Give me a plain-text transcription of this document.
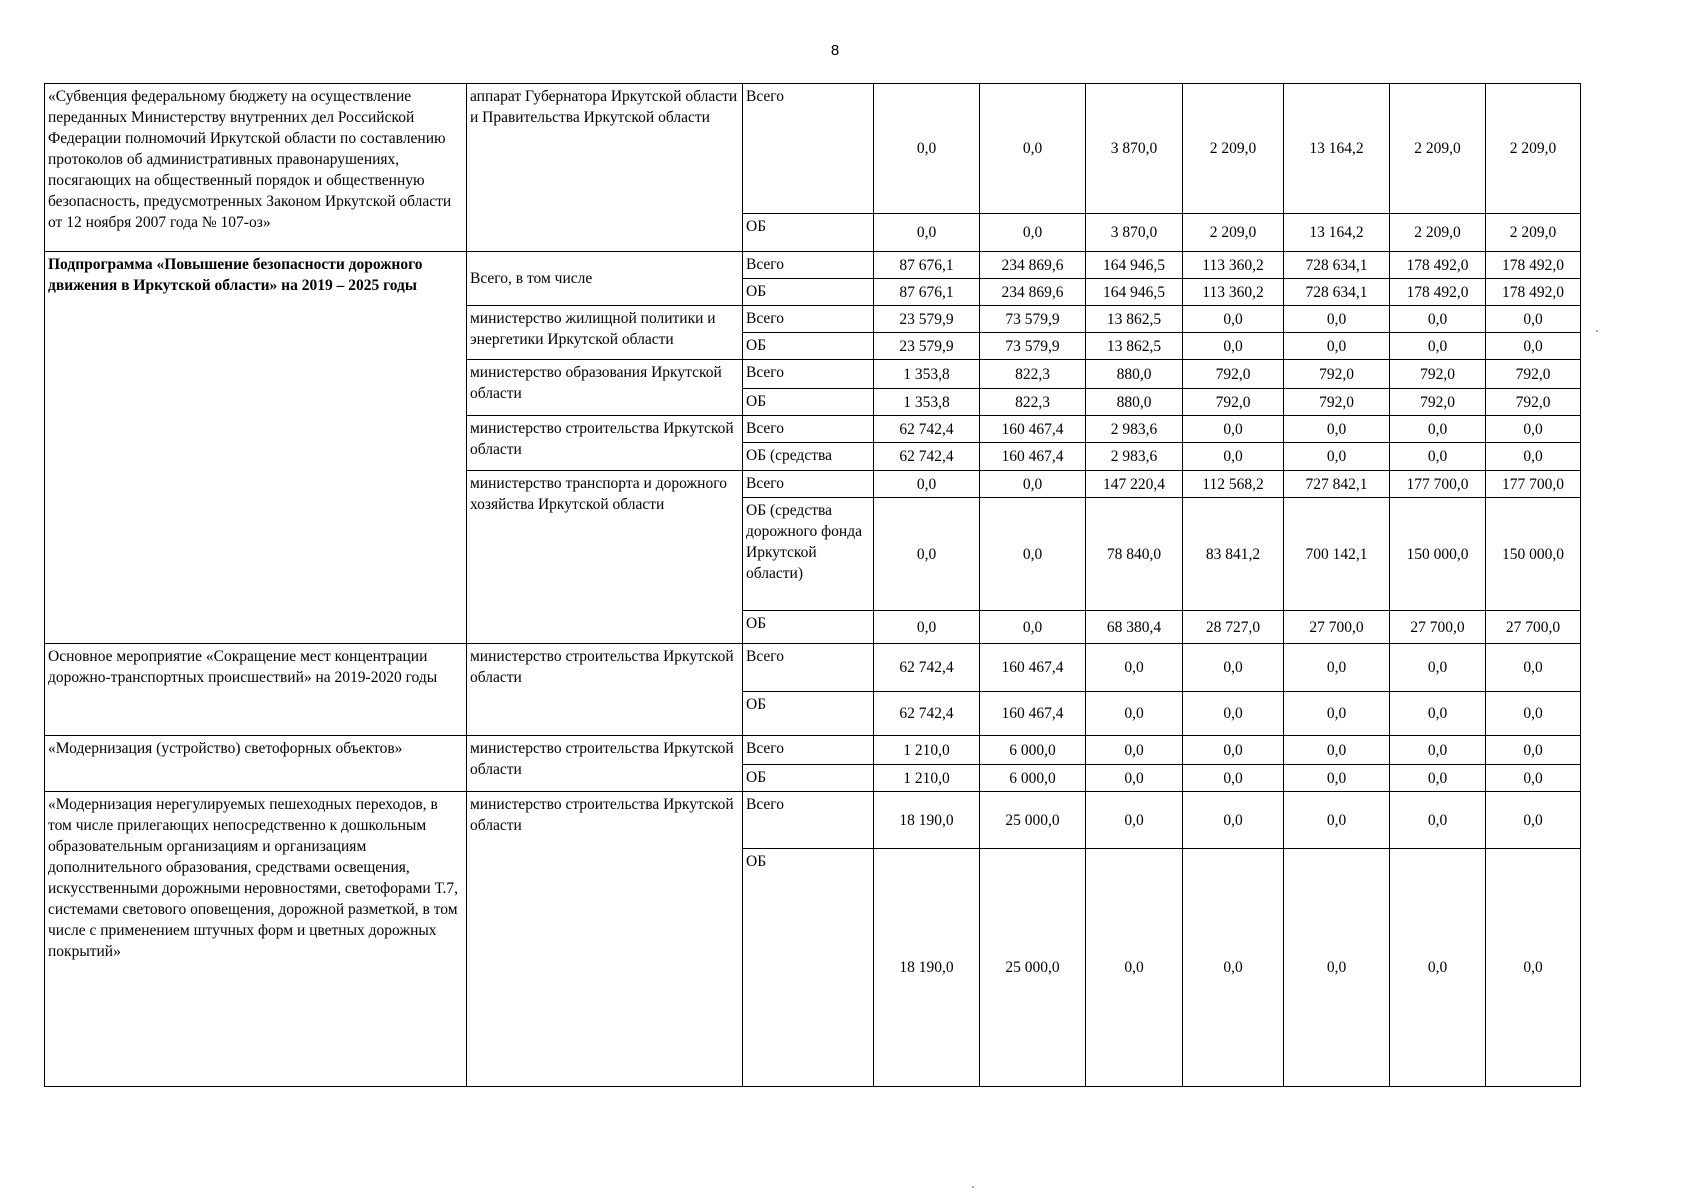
8
«Субвенция федеральному бюджету на осуществление переданных Министерству внутренних дел Российской Федерации полномочий Иркутской области по составлению протоколов об административных правонарушениях, посягающих на общественный порядок и общественную безопасность, предусмотренных Законом Иркутской области от 12 ноября 2007 года № 107-оз»	аппарат Губернатора Иркутской области и Правительства Иркутской области	Всего	0,0	0,0	3 870,0	2 209,0	13 164,2	2 209,0	2 209,0
		ОБ	0,0	0,0	3 870,0	2 209,0	13 164,2	2 209,0	2 209,0
Подпрограмма «Повышение безопасности дорожного движения в Иркутской области» на 2019 – 2025 годы	Всего, в том числе	Всего	87 676,1	234 869,6	164 946,5	113 360,2	728 634,1	178 492,0	178 492,0
		ОБ	87 676,1	234 869,6	164 946,5	113 360,2	728 634,1	178 492,0	178 492,0
	министерство жилищной политики и энергетики Иркутской области	Всего	23 579,9	73 579,9	13 862,5	0,0	0,0	0,0	0,0
		ОБ	23 579,9	73 579,9	13 862,5	0,0	0,0	0,0	0,0
	министерство образования Иркутской области	Всего	1 353,8	822,3	880,0	792,0	792,0	792,0	792,0
		ОБ	1 353,8	822,3	880,0	792,0	792,0	792,0	792,0
	министерство строительства Иркутской области	Всего	62 742,4	160 467,4	2 983,6	0,0	0,0	0,0	0,0
		ОБ (средства	62 742,4	160 467,4	2 983,6	0,0	0,0	0,0	0,0
	министерство транспорта и дорожного хозяйства Иркутской области	Всего	0,0	0,0	147 220,4	112 568,2	727 842,1	177 700,0	177 700,0
		ОБ (средства дорожного фонда Иркутской области)	0,0	0,0	78 840,0	83 841,2	700 142,1	150 000,0	150 000,0
		ОБ	0,0	0,0	68 380,4	28 727,0	27 700,0	27 700,0	27 700,0
Основное мероприятие «Сокращение мест концентрации дорожно-транспортных происшествий» на 2019-2020 годы	министерство строительства Иркутской области	Всего	62 742,4	160 467,4	0,0	0,0	0,0	0,0	0,0
		ОБ	62 742,4	160 467,4	0,0	0,0	0,0	0,0	0,0
«Модернизация (устройство) светофорных объектов»	министерство строительства Иркутской области	Всего	1 210,0	6 000,0	0,0	0,0	0,0	0,0	0,0
		ОБ	1 210,0	6 000,0	0,0	0,0	0,0	0,0	0,0
«Модернизация нерегулируемых пешеходных переходов, в том числе прилегающих непосредственно к дошкольным образовательным организациям и организациям дополнительного образования, средствами освещения, искусственными дорожными неровностями, светофорами Т.7, системами светового оповещения, дорожной разметкой, в том числе с применением штучных форм и цветных дорожных покрытий»	министерство строительства Иркутской области	Всего	18 190,0	25 000,0	0,0	0,0	0,0	0,0	0,0
		ОБ	18 190,0	25 000,0	0,0	0,0	0,0	0,0	0,0
